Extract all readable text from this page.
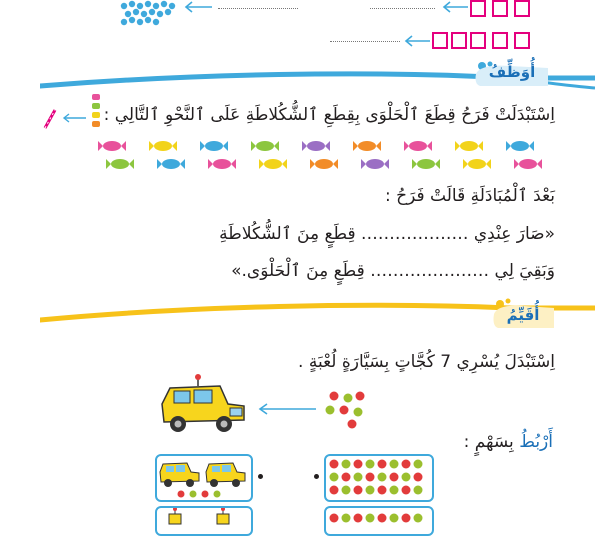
أُوَظِّفُ
اِسْتَبْدَلَتْ فَرَحُ قِطَعَ ٱلْحَلْوَى بِقِطَعِ ٱلشُّكُلاطَةِ عَلَى ٱلنَّحْوِ ٱلتَّالِي :
بَعْدَ ٱلْمُبَادَلَةِ قَالَتْ فَرَحُ :
«صَارَ عِنْدِي ………………. قِطَعٍ مِنَ ٱلشُّكُلاطَةِ
وَبَقِيَ لِي ………………… قِطَعٍ مِنَ ٱلْحَلْوَى.»
أُقَيِّمُ
اِسْتَبْدَلَ يُسْرِي 7 كُجَّاتٍ بِسَيَّارَةٍ لُعْبَةٍ .
أَرْبُطُ بِسَهْمٍ :
